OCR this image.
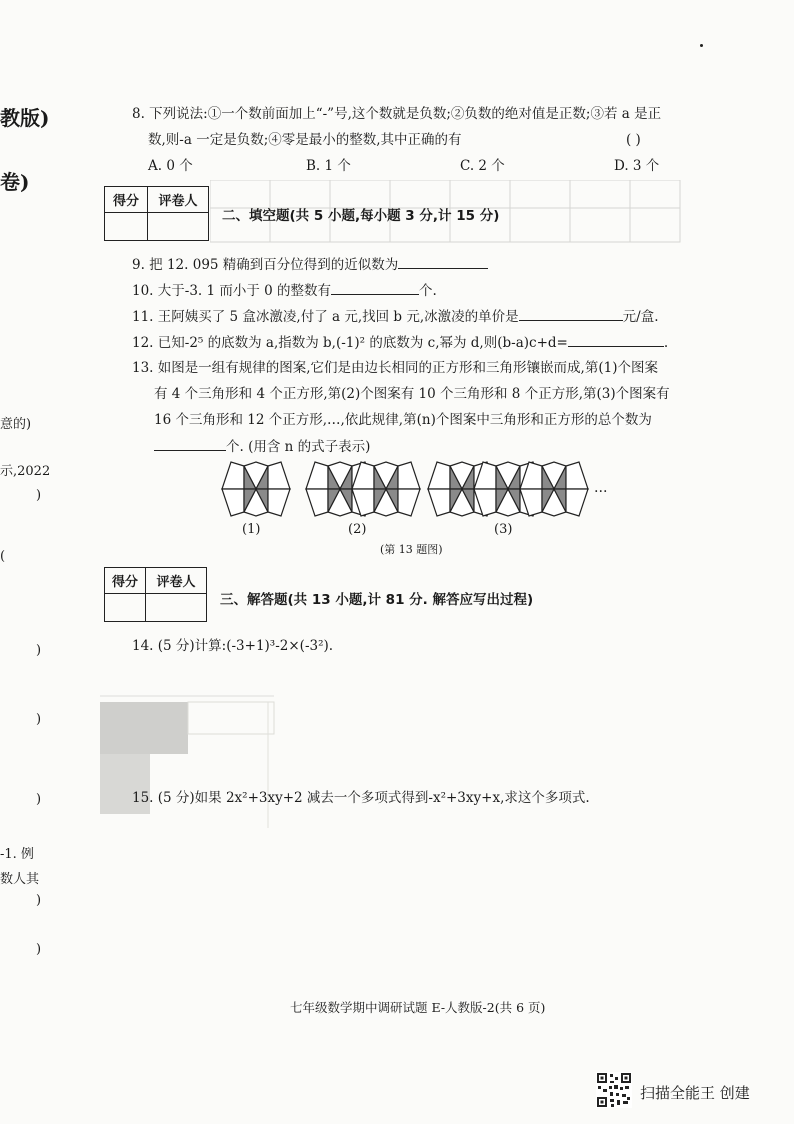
教版)
卷)
意的)
示,2022
)
(
)
)
)
-1. 例
数人其
)
)
8. 下列说法:①一个数前面加上“-”号,这个数就是负数;②负数的绝对值是正数;③若 a 是正
数,则-a 一定是负数;④零是最小的整数,其中正确的有	( )
A. 0 个	B. 1 个	C. 2 个	D. 3 个
得分	评卷人

二、填空题(共 5 小题,每小题 3 分,计 15 分)
9. 把 12. 095 精确到百分位得到的近似数为
10. 大于-3. 1 而小于 0 的整数有	个.
11. 王阿姨买了 5 盒冰激凌,付了 a 元,找回 b 元,冰激凌的单价是	元/盒.
12. 已知-2⁵ 的底数为 a,指数为 b,(-1)² 的底数为 c,幂为 d,则(b-a)c+d=	.
13. 如图是一组有规律的图案,它们是由边长相同的正方形和三角形镶嵌而成,第(1)个图案
有 4 个三角形和 4 个正方形,第(2)个图案有 10 个三角形和 8 个正方形,第(3)个图案有
16 个三角形和 12 个正方形,…,依此规律,第(n)个图案中三角形和正方形的总个数为
个. (用含 n 的式子表示)
…
(1)	(2)	(3)
(第 13 题图)
得分	评卷人

三、解答题(共 13 小题,计 81 分. 解答应写出过程)
14. (5 分)计算:(-3+1)³-2×(-3²).
15. (5 分)如果 2x²+3xy+2 减去一个多项式得到-x²+3xy+x,求这个多项式.
七年级数学期中调研试题 E-人教版-2(共 6 页)
扫描全能王 创建
